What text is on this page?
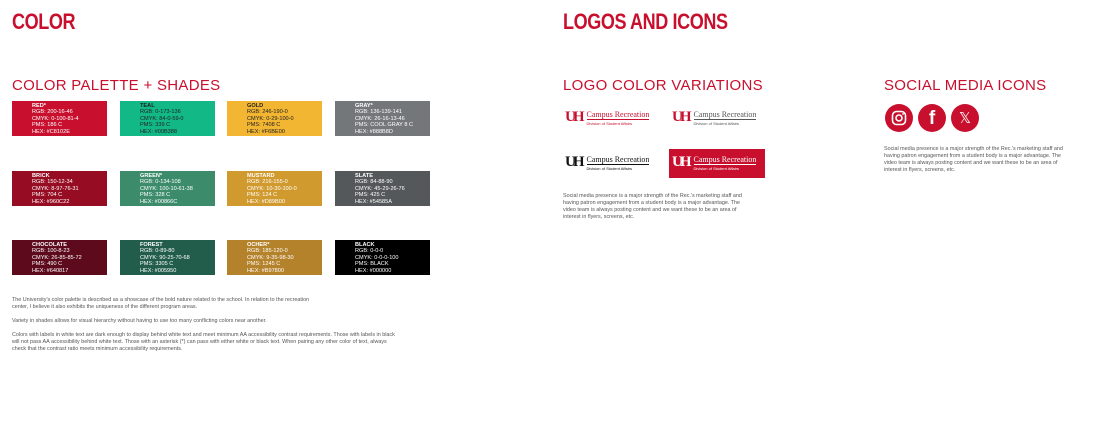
COLOR
COLOR PALETTE + SHADES
RED*
RGB: 200-16-46
CMYK: 0-100-81-4
PMS: 186 C
HEX: #C8102E
TEAL
RGB: 0-173-136
CMYK: 84-0-59-0
PMS: 339 C
HEX: #00B388
GOLD
RGB: 246-190-0
CMYK: 0-29-100-0
PMS: 7408 C
HEX: #F6BE00
GRAY*
RGB: 136-139-141
CMYK: 26-16-13-46
PMS: COOL GRAY 8 C
HEX: #888B8D
BRICK
RGB: 150-12-34
CMYK: 8-97-76-31
PMS: 704 C
HEX: #960C22
GREEN*
RGB: 0-134-108
CMYK: 100-10-61-38
PMS: 328 C
HEX: #00866C
MUSTARD
RGB: 216-155-0
CMYK: 10-30-100-0
PMS: 124 C
HEX: #D89B00
SLATE
RGB: 84-88-90
CMYK: 45-29-26-76
PMS: 425 C
HEX: #54585A
CHOCOLATE
RGB: 100-8-23
CMYK: 26-85-85-72
PMS: 490 C
HEX: #640817
FOREST
RGB: 0-89-80
CMYK: 90-25-70-68
PMS: 3305 C
HEX: #005950
OCHER*
RGB: 185-120-0
CMYK: 9-35-98-30
PMS: 1245 C
HEX: #B97800
BLACK
RGB: 0-0-0
CMYK: 0-0-0-100
PMS: BLACK
HEX: #000000
The University's color palette is described as a showcase of the bold nature related to the school. In relation to the recreation center, I believe it also exhibits the uniqueness of the different program areas.
Variety in shades allows for visual hierarchy without having to use too many conflicting colors near another.
Colors with labels in white text are dark enough to display behind white text and meet minimum AA accessibility contrast requirements. Those with labels in black will not pass AA accessibility behind white text. Those with an asterisk (*) can pass with either white or black text. When pairing any other color of text, always check that the contrast ratio meets minimum accessibility requirements.
LOGOS AND ICONS
LOGO COLOR VARIATIONS
UH Campus Recreation
Division of Student Affairs	UH Campus Recreation
Division of Student Affairs
UH Campus Recreation
Division of Student Affairs	UH Campus Recreation
Division of Student Affairs
Social media presence is a major strength of the Rec.'s marketing staff and having patron engagement from a student body is a major advantage. The video team is always posting content and we want these to be an area of interest in flyers, screens, etc.
SOCIAL MEDIA ICONS
f 𝕏
Social media presence is a major strength of the Rec.'s marketing staff and having patron engagement from a student body is a major advantage. The video team is always posting content and we want these to be an area of interest in flyers, screens, etc.
